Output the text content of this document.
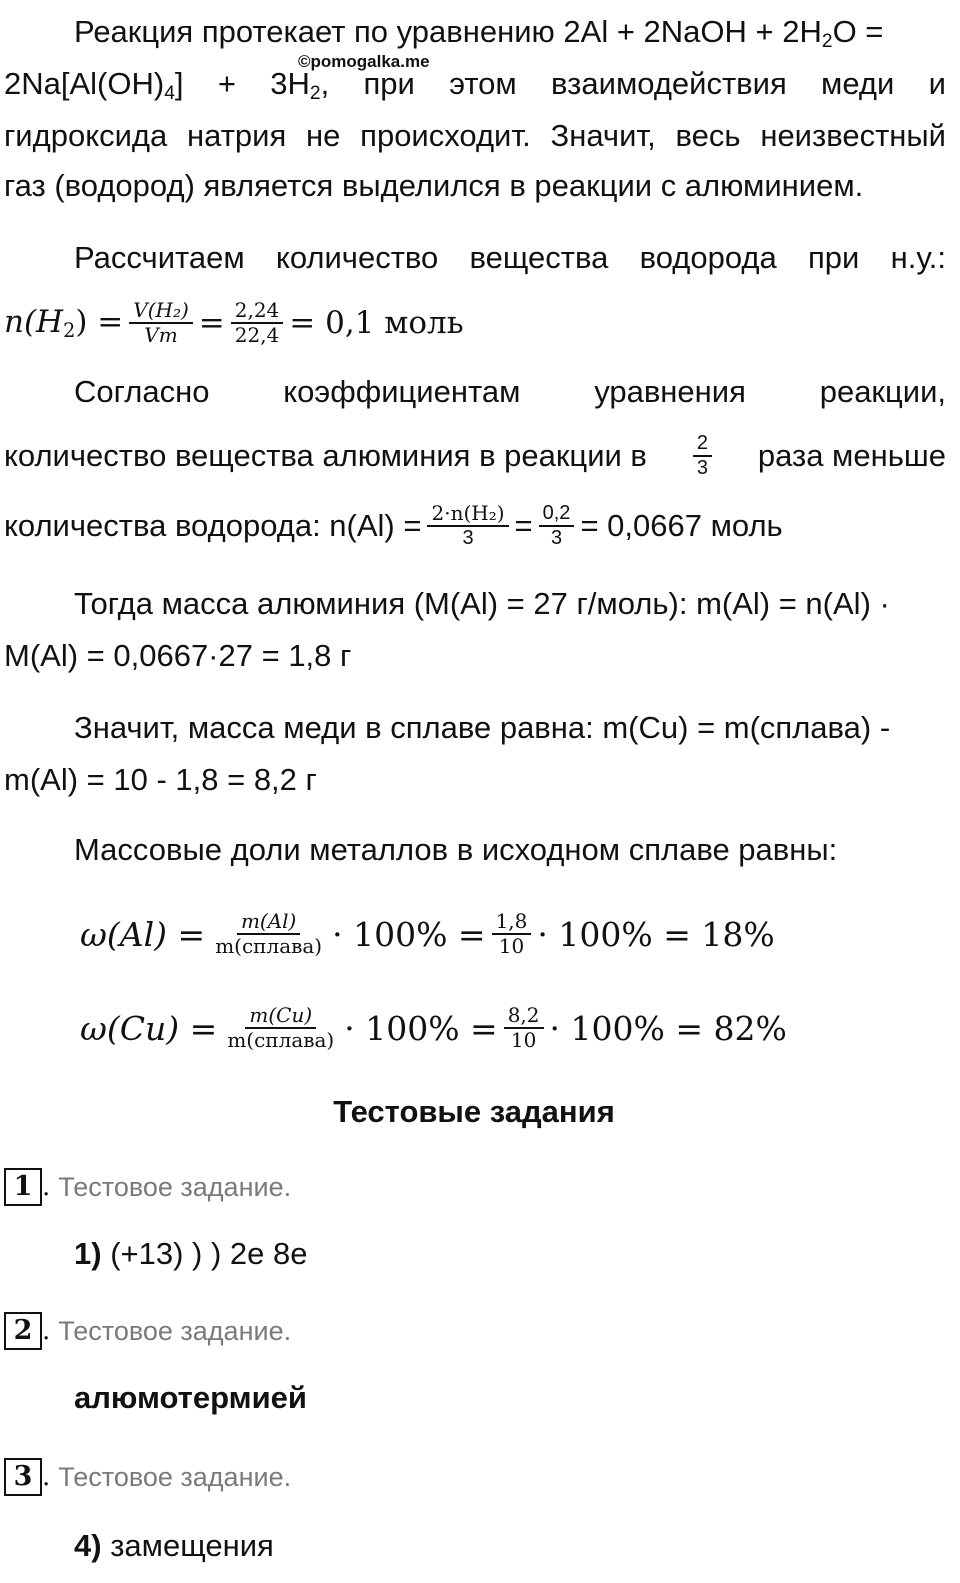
©pomogalka.me
Реакция протекает по уравнению 2Al + 2NaOH + $2H_2O$ =
$2Na[Al(OH)_4] + 3H_2$, при этом взаимодействия меди и
гидроксида натрия не происходит. Значит, весь неизвестный
газ (водород) является выделился в реакции с алюминием.
Рассчитаем количество вещества водорода при н.у.:
$n(H_2) = \frac{\text{V(H₂)}}{Vm} = \frac{2,24}{22,4} = 0,1$ моль
Согласно коэффициентам уравнения реакции,
количество вещества алюминия в реакции в $\frac{2}{3}$ раза меньше
количества водорода: $n(Al) = \frac{\text{2·n(H₂)}}{3} = \frac{0,2}{3} = 0,0667$ моль
Тогда масса алюминия (M(Al) = 27 г/моль): m(Al) = n(Al) ·
M(Al) = 0,0667·27 = 1,8 г
Значит, масса меди в сплаве равна: m(Cu) = m(сплава) -
m(Al) = 10 - 1,8 = 8,2 г
Массовые доли металлов в исходном сплаве равны:
$\omega(Al) = \frac{m(Al)}{\text{m(сплава)}} \cdot 100\% = \frac{1,8}{10} \cdot 100\% = 18\%$
$\omega(Cu) = \frac{m(Cu)}{\text{m(сплава)}} \cdot 100\% = \frac{8,2}{10} \cdot 100\% = 82\%$
Тестовые задания
1 . Тестовое задание.
1) (+13) ) ) 2e 8e
2 . Тестовое задание.
алюмотермией
3 . Тестовое задание.
4) замещения
